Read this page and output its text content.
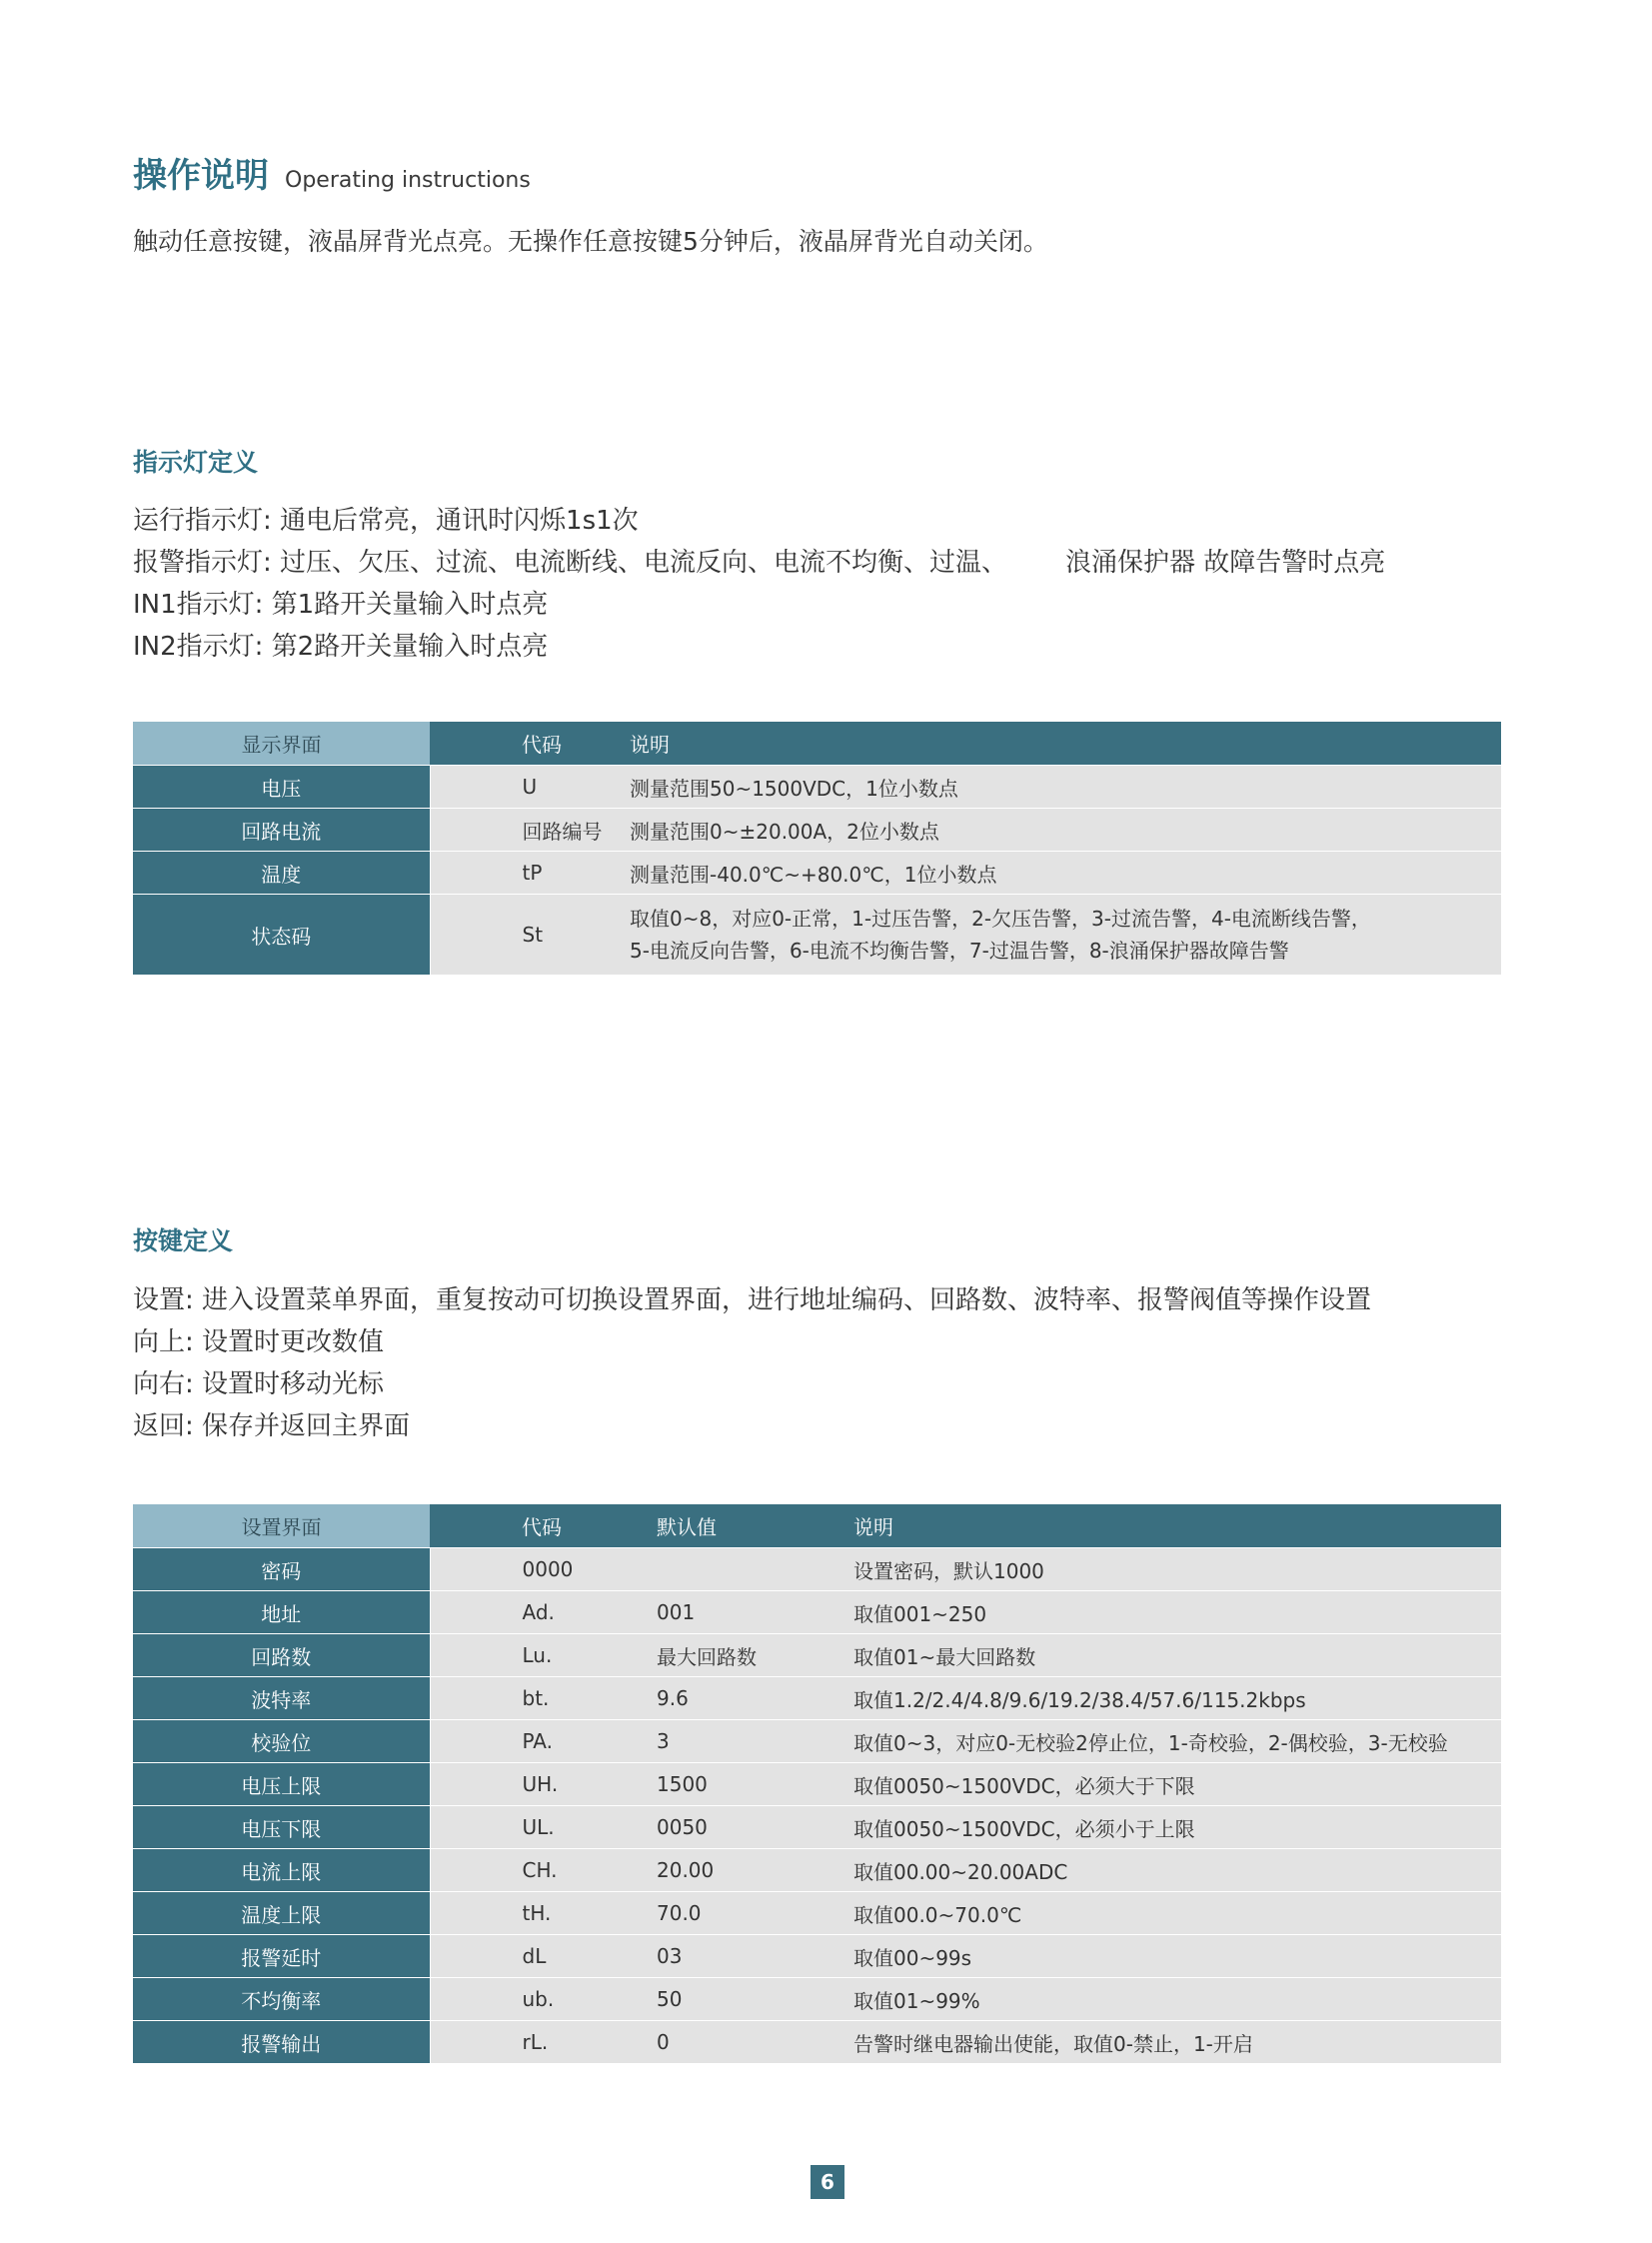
操作说明 Operating instructions
触动任意按键，液晶屏背光点亮。无操作任意按键5分钟后，液晶屏背光自动关闭。
指示灯定义
运行指示灯: 通电后常亮，通讯时闪烁1s1次
报警指示灯: 过压、欠压、过流、电流断线、电流反向、电流不均衡、过温、 浪涌保护器 故障告警时点亮
IN1指示灯: 第1路开关量输入时点亮
IN2指示灯: 第2路开关量输入时点亮
显示界面	代码	说明
电压	U	测量范围50~1500VDC，1位小数点
回路电流	回路编号	测量范围0~±20.00A，2位小数点
温度	tP	测量范围-40.0℃~+80.0℃，1位小数点
状态码	St	取值0~8，对应0-正常，1-过压告警，2-欠压告警，3-过流告警，4-电流断线告警，
5-电流反向告警，6-电流不均衡告警，7-过温告警，8-浪涌保护器故障告警
按键定义
设置: 进入设置菜单界面，重复按动可切换设置界面，进行地址编码、回路数、波特率、报警阀值等操作设置
向上: 设置时更改数值
向右: 设置时移动光标
返回: 保存并返回主界面
设置界面	代码	默认值	说明
密码	0000		设置密码，默认1000
地址	Ad.	001	取值001~250
回路数	Lu.	最大回路数	取值01~最大回路数
波特率	bt.	9.6	取值1.2/2.4/4.8/9.6/19.2/38.4/57.6/115.2kbps
校验位	PA.	3	取值0~3，对应0-无校验2停止位，1-奇校验，2-偶校验，3-无校验
电压上限	UH.	1500	取值0050~1500VDC，必须大于下限
电压下限	UL.	0050	取值0050~1500VDC，必须小于上限
电流上限	CH.	20.00	取值00.00~20.00ADC
温度上限	tH.	70.0	取值00.0~70.0℃
报警延时	dL	03	取值00~99s
不均衡率	ub.	50	取值01~99%
报警输出	rL.	0	告警时继电器输出使能，取值0-禁止，1-开启
6
